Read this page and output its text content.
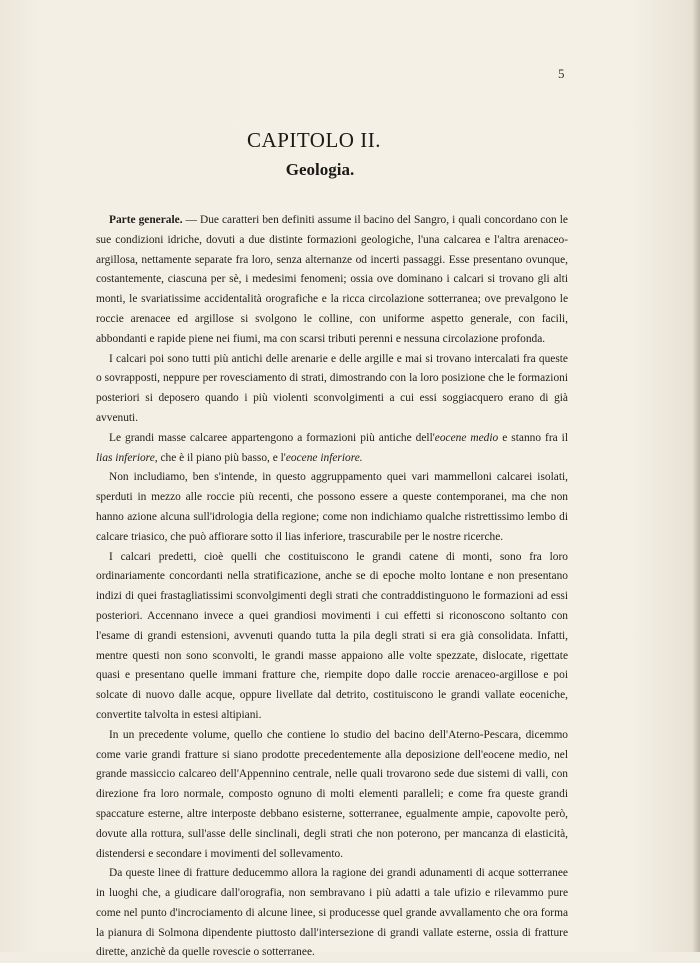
5
CAPITOLO II.
Geologia.

Parte generale. — Due caratteri ben definiti assume il bacino del Sangro, i quali concordano con le sue condizioni idriche, dovuti a due distinte formazioni geologiche, l'una calcarea e l'altra arenaceo-argillosa, nettamente separate fra loro, senza alternanze od incerti passaggi. Esse presentano ovunque, costantemente, ciascuna per sè, i medesimi fenomeni; ossia ove dominano i calcari si trovano gli alti monti, le svariatissime accidentalità orografiche e la ricca circolazione sotterranea; ove prevalgono le roccie arenacee ed argillose si svolgono le colline, con uniforme aspetto generale, con facili, abbondanti e rapide piene nei fiumi, ma con scarsi tributi perenni e nessuna circolazione profonda.

I calcari poi sono tutti più antichi delle arenarie e delle argille e mai si trovano intercalati fra queste o sovrapposti, neppure per rovesciamento di strati, dimostrando con la loro posizione che le formazioni posteriori si deposero quando i più violenti sconvolgimenti a cui essi soggiacquero erano di già avvenuti.

Le grandi masse calcaree appartengono a formazioni più antiche dell'eocene medio e stanno fra il lias inferiore, che è il piano più basso, e l'eocene inferiore.

Non includiamo, ben s'intende, in questo aggruppamento quei vari mammelloni calcarei isolati, sperduti in mezzo alle roccie più recenti, che possono essere a queste contemporanei, ma che non hanno azione alcuna sull'idrologia della regione; come non indichiamo qualche ristrettissimo lembo di calcare triasico, che può affiorare sotto il lias inferiore, trascurabile per le nostre ricerche.

I calcari predetti, cioè quelli che costituiscono le grandi catene di monti, sono fra loro ordinariamente concordanti nella stratificazione, anche se di epoche molto lontane e non presentano indizi di quei frastagliatissimi sconvolgimenti degli strati che contraddistinguono le formazioni ad essi posteriori. Accennano invece a quei grandiosi movimenti i cui effetti si riconoscono soltanto con l'esame di grandi estensioni, avvenuti quando tutta la pila degli strati si era già consolidata. Infatti, mentre questi non sono sconvolti, le grandi masse appaiono alle volte spezzate, dislocate, rigettate quasi e presentano quelle immani fratture che, riempite dopo dalle roccie arenaceo-argillose e poi solcate di nuovo dalle acque, oppure livellate dal detrito, costituiscono le grandi vallate eoceniche, convertite talvolta in estesi altipiani.

In un precedente volume, quello che contiene lo studio del bacino dell'Aterno-Pescara, dicemmo come varie grandi fratture si siano prodotte precedentemente alla deposizione dell'eocene medio, nel grande massiccio calcareo dell'Appennino centrale, nelle quali trovarono sede due sistemi di valli, con direzione fra loro normale, composto ognuno di molti elementi paralleli; e come fra queste grandi spaccature esterne, altre interposte debbano esisterne, sotterranee, egualmente ampie, capovolte però, dovute alla rottura, sull'asse delle sinclinali, degli strati che non poterono, per mancanza di elasticità, distendersi e secondare i movimenti del sollevamento.

Da queste linee di fratture deducemmo allora la ragione dei grandi adunamenti di acque sotterranee in luoghi che, a giudicare dall'orografia, non sembravano i più adatti a tale ufizio e rilevammo pure come nel punto d'incrociamento di alcune linee, si producesse quel grande avvallamento che ora forma la pianura di Solmona dipendente piuttosto dall'intersezione di grandi vallate esterne, ossia di fratture dirette, anzichè da quelle rovescie o sotterranee.
